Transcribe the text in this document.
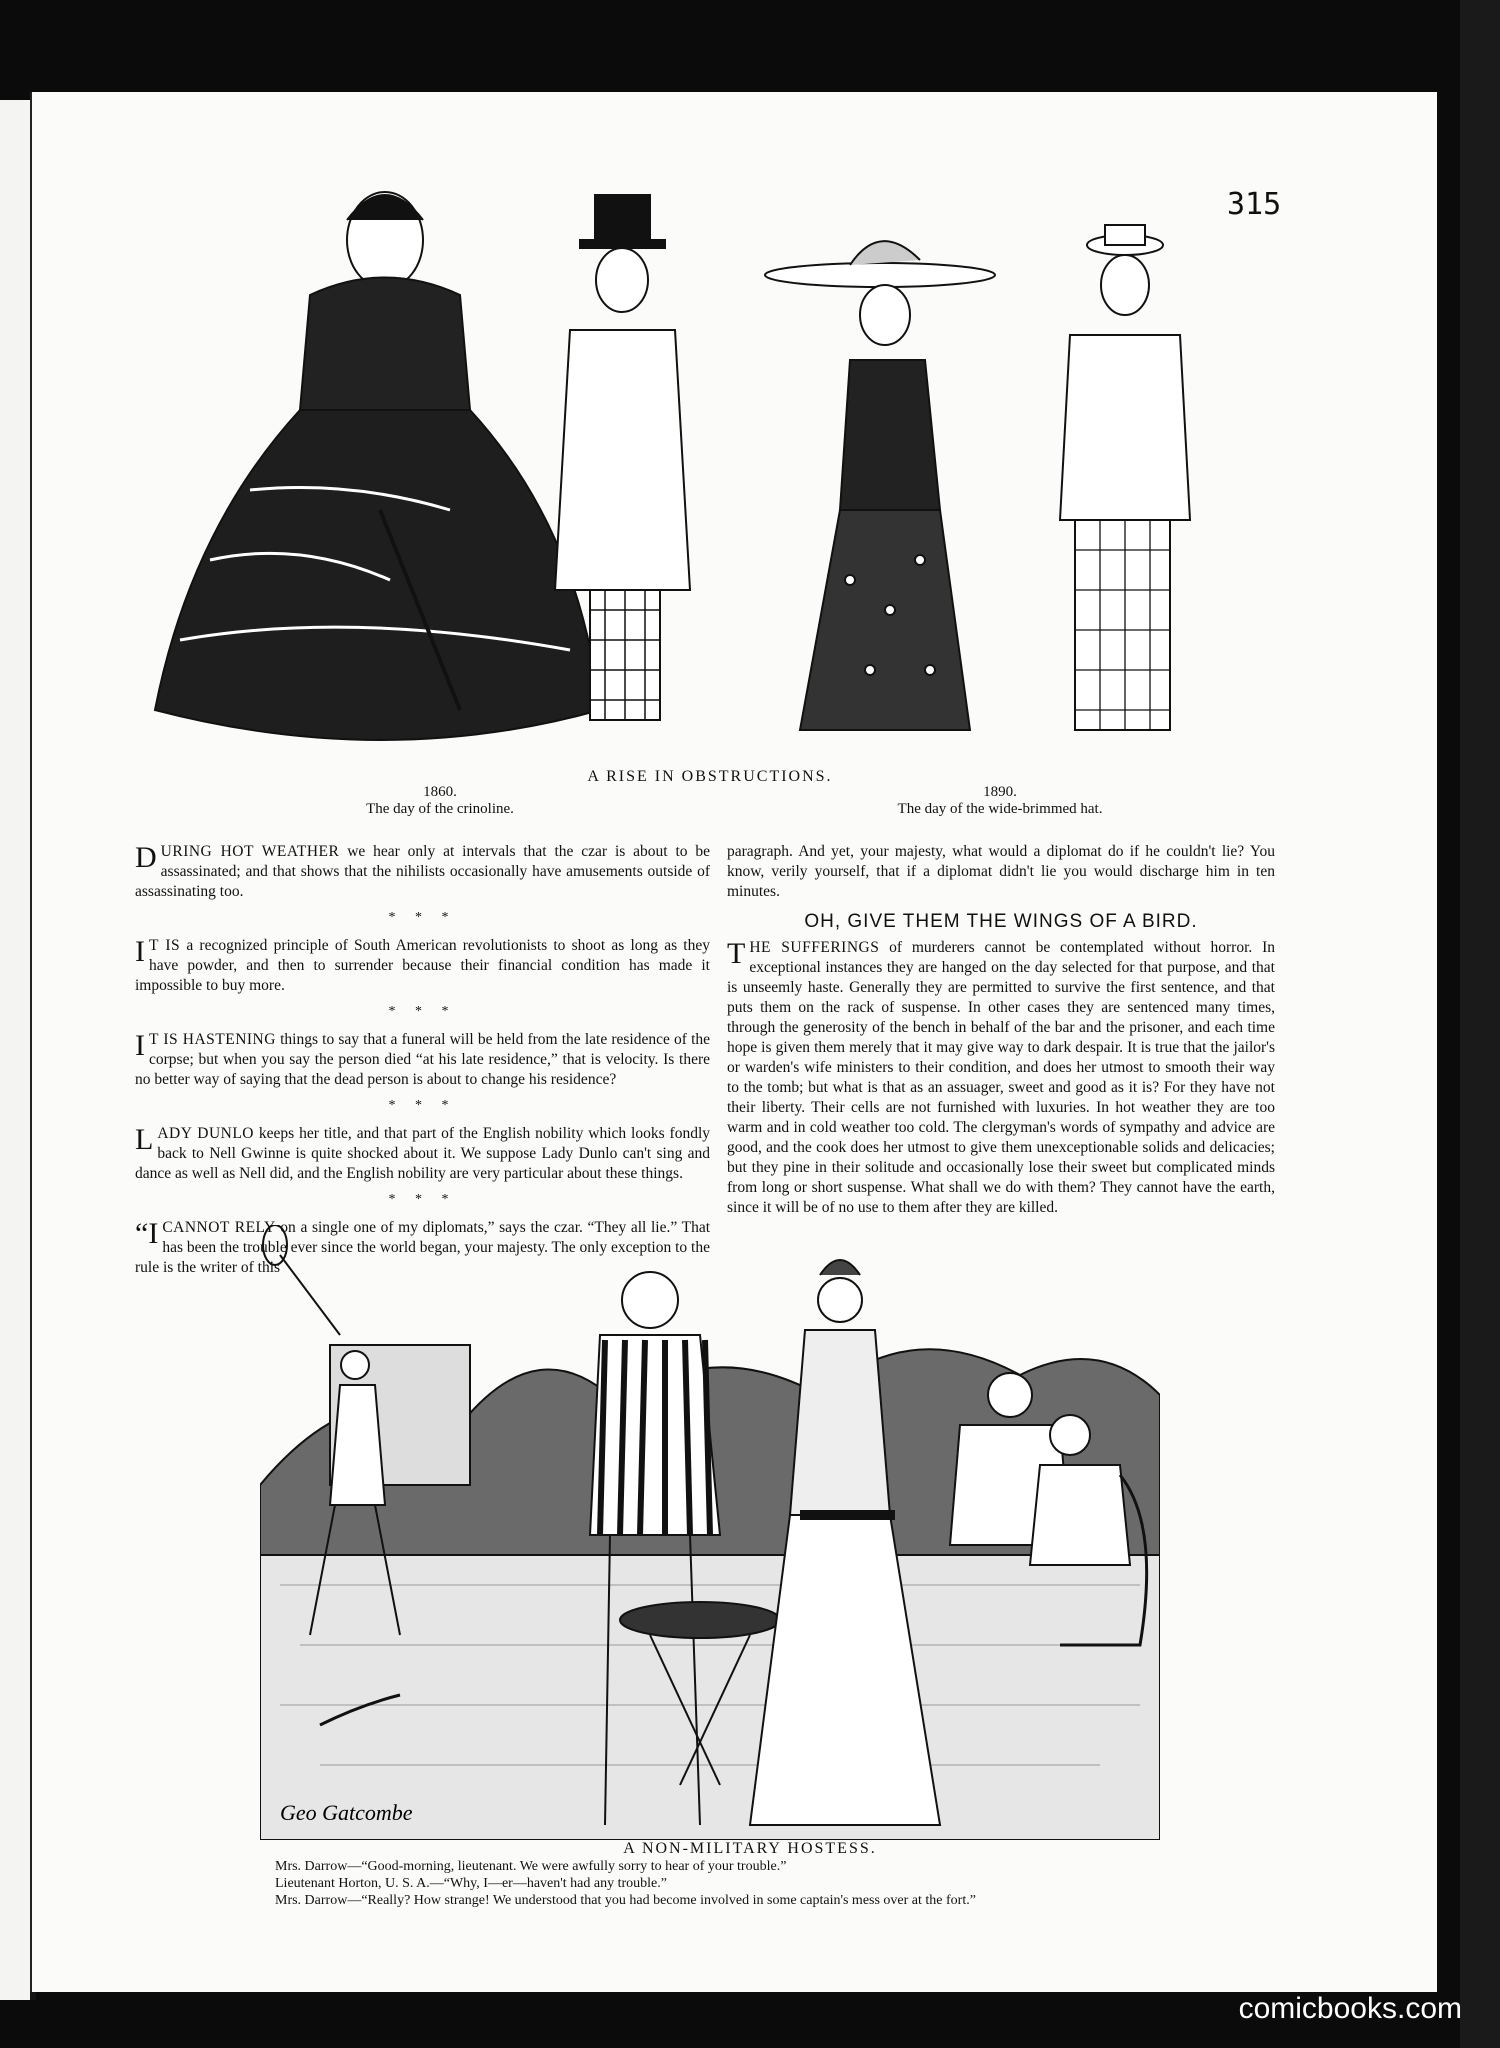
315
A RISE IN OBSTRUCTIONS.
1860.
The day of the crinoline.
1890.
The day of the wide-brimmed hat.

DURING HOT WEATHER we hear only at intervals that the czar is about to be assassinated; and that shows that the nihilists occasionally have amusements outside of assassinating too.

* * *

I T IS a recognized principle of South American revolutionists to shoot as long as they have powder, and then to surrender because their financial condition has made it impossible to buy more.

* * *

I T IS HASTENING things to say that a funeral will be held from the late residence of the corpse; but when you say the person died “at his late residence,” that is velocity. Is there no better way of saying that the dead person is about to change his residence?

* * *

LADY DUNLO keeps her title, and that part of the English nobility which looks fondly back to Nell Gwinne is quite shocked about it. We suppose Lady Dunlo can't sing and dance as well as Nell did, and the English nobility are very particular about these things.

* * *

“I CANNOT RELY on a single one of my diplomats,” says the czar. “They all lie.” That has been the trouble ever since the world began, your majesty. The only exception to the rule is the writer of this

paragraph. And yet, your majesty, what would a diplomat do if he couldn't lie? You know, verily yourself, that if a diplomat didn't lie you would discharge him in ten minutes.

OH, GIVE THEM THE WINGS OF A BIRD.

THE SUFFERINGS of murderers cannot be contemplated without horror. In exceptional instances they are hanged on the day selected for that purpose, and that is unseemly haste. Generally they are permitted to survive the first sentence, and that puts them on the rack of suspense. In other cases they are sentenced many times, through the generosity of the bench in behalf of the bar and the prisoner, and each time hope is given them merely that it may give way to dark despair. It is true that the jailor's or warden's wife ministers to their condition, and does her utmost to smooth their way to the tomb; but what is that as an assuager, sweet and good as it is? For they have not their liberty. Their cells are not furnished with luxuries. In hot weather they are too warm and in cold weather too cold. The clergyman's words of sympathy and advice are good, and the cook does her utmost to give them unexceptionable solids and delicacies; but they pine in their solitude and occasionally lose their sweet but complicated minds from long or short suspense. What shall we do with them? They cannot have the earth, since it will be of no use to them after they are killed.

Geo Gatcombe
A NON-MILITARY HOSTESS.
Mrs. Darrow—“Good-morning, lieutenant. We were awfully sorry to hear of your trouble.”
Lieutenant Horton, U. S. A.—“Why, I—er—haven't had any trouble.”
Mrs. Darrow—“Really? How strange! We understood that you had become involved in some captain's mess over at the fort.”
comicbooks.com
